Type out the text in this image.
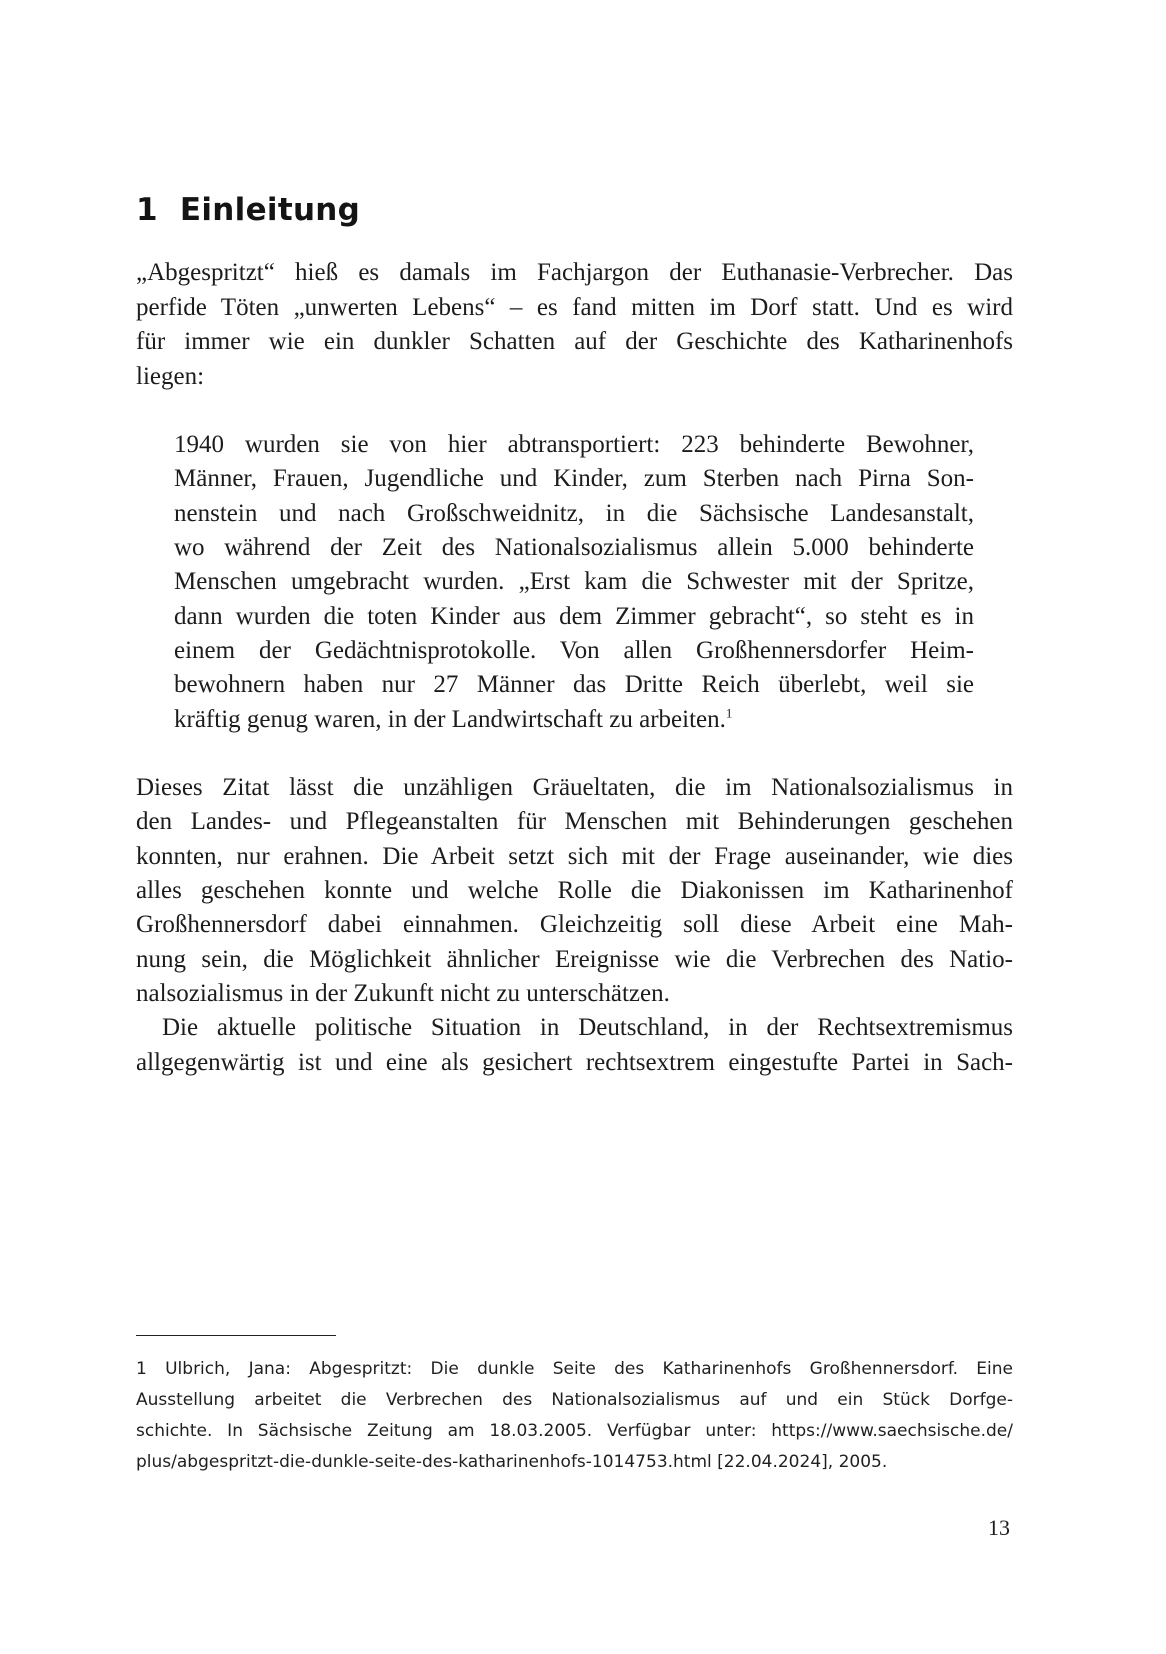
1 Einleitung
„Abgespritzt“ hieß es damals im Fachjargon der Euthanasie-Verbrecher. Das
perfide Töten „unwerten Lebens“ – es fand mitten im Dorf statt. Und es wird
für immer wie ein dunkler Schatten auf der Geschichte des Katharinenhofs
liegen:
1940 wurden sie von hier abtransportiert: 223 behinderte Bewohner,
Männer, Frauen, Jugendliche und Kinder, zum Sterben nach Pirna Son-
nenstein und nach Großschweidnitz, in die Sächsische Landesanstalt,
wo während der Zeit des Nationalsozialismus allein 5.000 behinderte
Menschen umgebracht wurden. „Erst kam die Schwester mit der Spritze,
dann wurden die toten Kinder aus dem Zimmer gebracht“, so steht es in
einem der Gedächtnisprotokolle. Von allen Großhennersdorfer Heim-
bewohnern haben nur 27 Männer das Dritte Reich überlebt, weil sie
kräftig genug waren, in der Landwirtschaft zu arbeiten.$^1$
Dieses Zitat lässt die unzähligen Gräueltaten, die im Nationalsozialismus in
den Landes- und Pflegeanstalten für Menschen mit Behinderungen geschehen
konnten, nur erahnen. Die Arbeit setzt sich mit der Frage auseinander, wie dies
alles geschehen konnte und welche Rolle die Diakonissen im Katharinenhof
Großhennersdorf dabei einnahmen. Gleichzeitig soll diese Arbeit eine Mah-
nung sein, die Möglichkeit ähnlicher Ereignisse wie die Verbrechen des Natio-
nalsozialismus in der Zukunft nicht zu unterschätzen.
Die aktuelle politische Situation in Deutschland, in der Rechtsextremismus
allgegenwärtig ist und eine als gesichert rechtsextrem eingestufte Partei in Sach-
1 Ulbrich, Jana: Abgespritzt: Die dunkle Seite des Katharinenhofs Großhennersdorf. Eine
Ausstellung arbeitet die Verbrechen des Nationalsozialismus auf und ein Stück Dorfge-
schichte. In Sächsische Zeitung am 18.03.2005. Verfügbar unter: https://www.saechsische.de/
plus/abgespritzt-die-dunkle-seite-des-katharinenhofs-1014753.html [22.04.2024], 2005.
13
